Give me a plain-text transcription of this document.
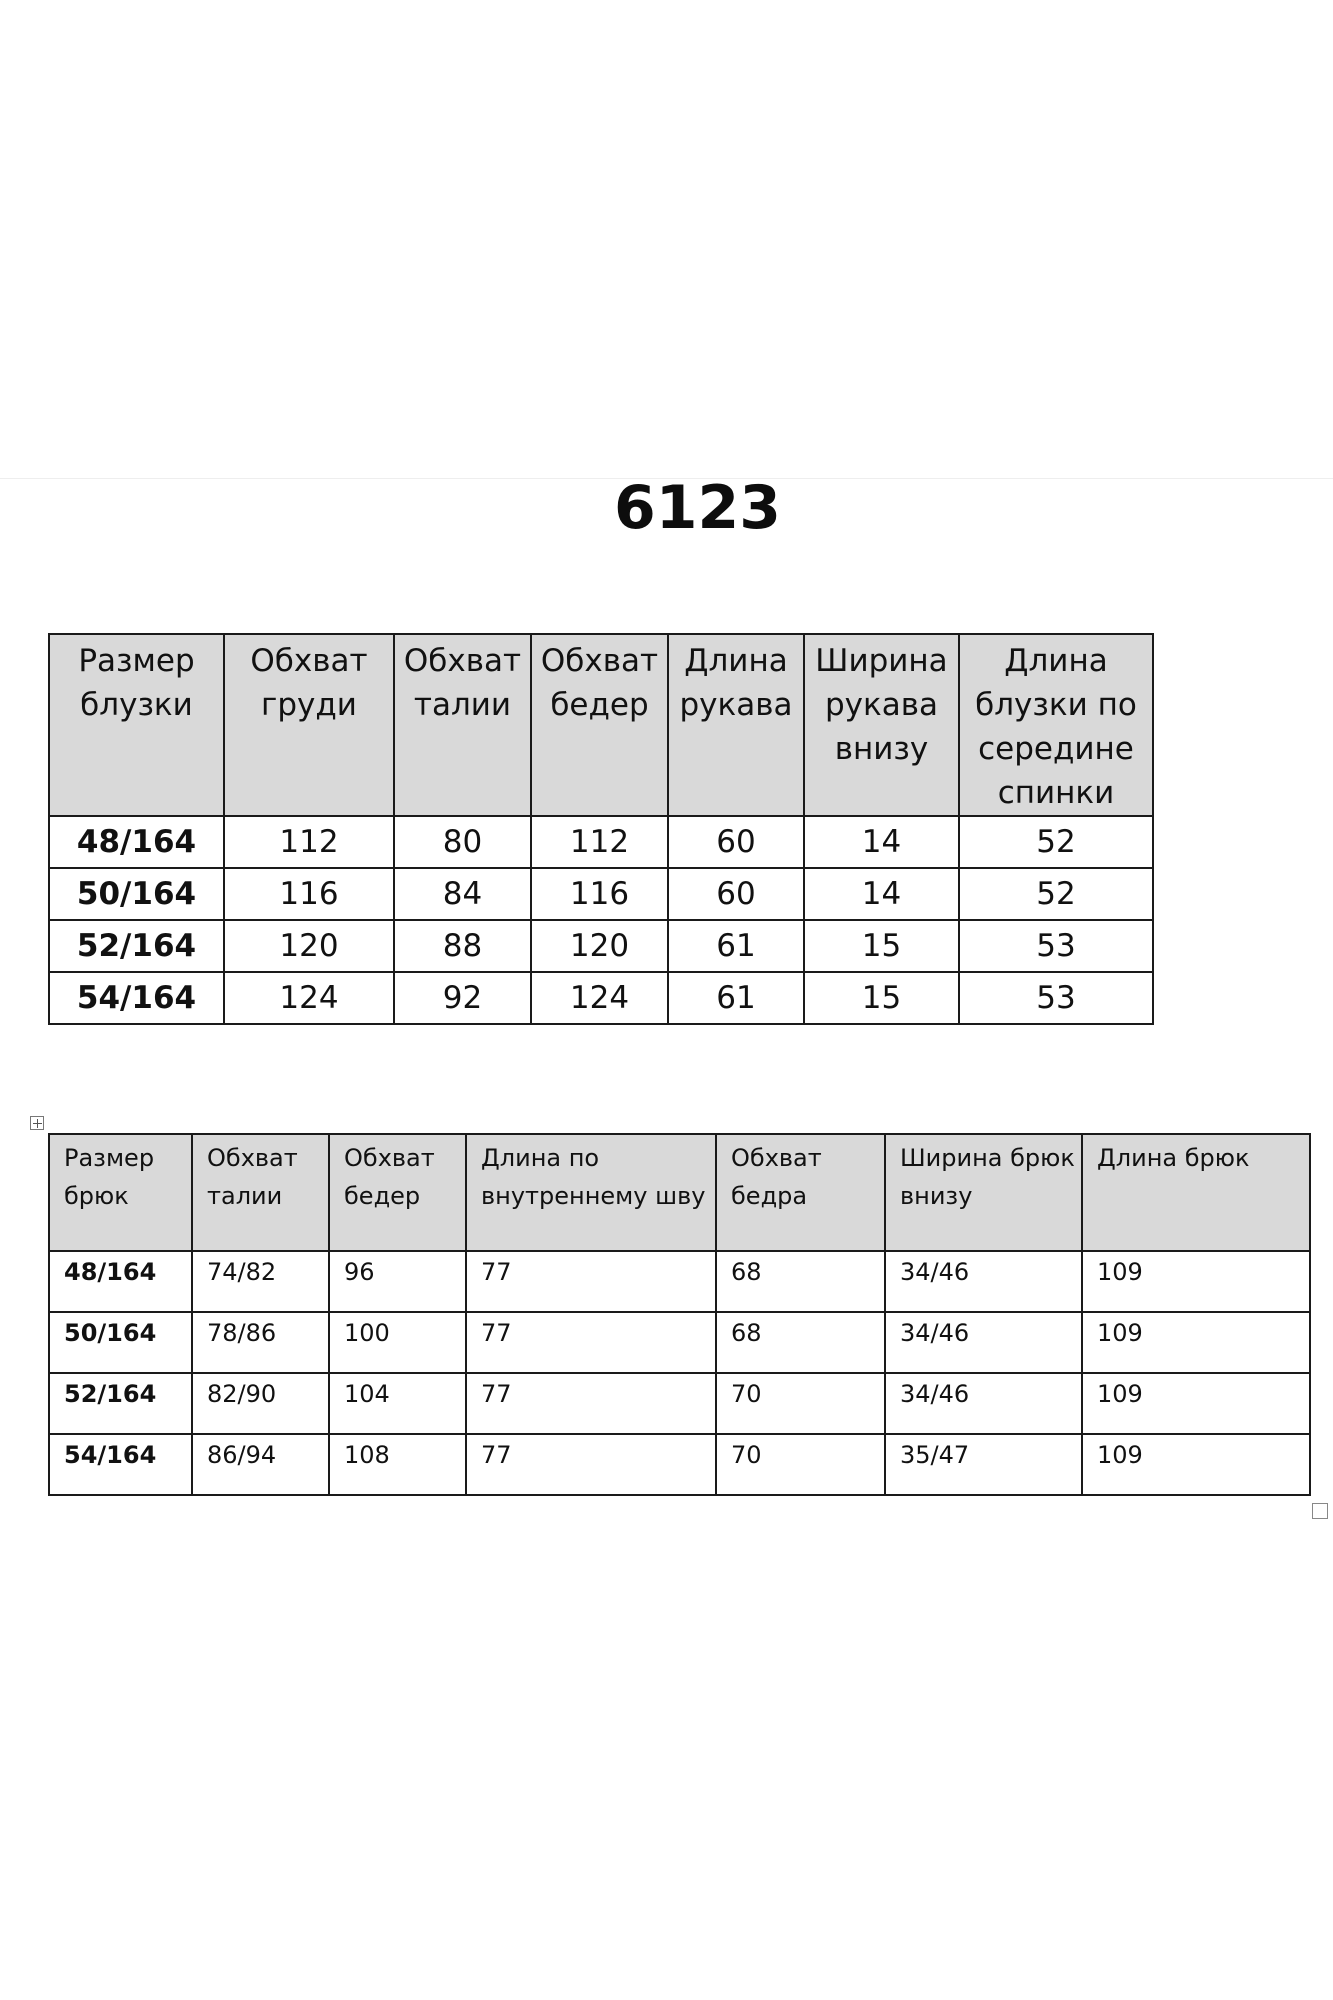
6123
Размер блузки	Обхват груди	Обхват талии	Обхват бедер	Длина рукава	Ширина рукава внизу	Длина блузки по середине спинки
48/164	112	80	112	60	14	52
50/164	116	84	116	60	14	52
52/164	120	88	120	61	15	53
54/164	124	92	124	61	15	53
Размер брюк	Обхват талии	Обхват бедер	Длина по внутреннему шву	Обхват бедра	Ширина брюк внизу	Длина брюк
48/164	74/82	96	77	68	34/46	109
50/164	78/86	100	77	68	34/46	109
52/164	82/90	104	77	70	34/46	109
54/164	86/94	108	77	70	35/47	109
